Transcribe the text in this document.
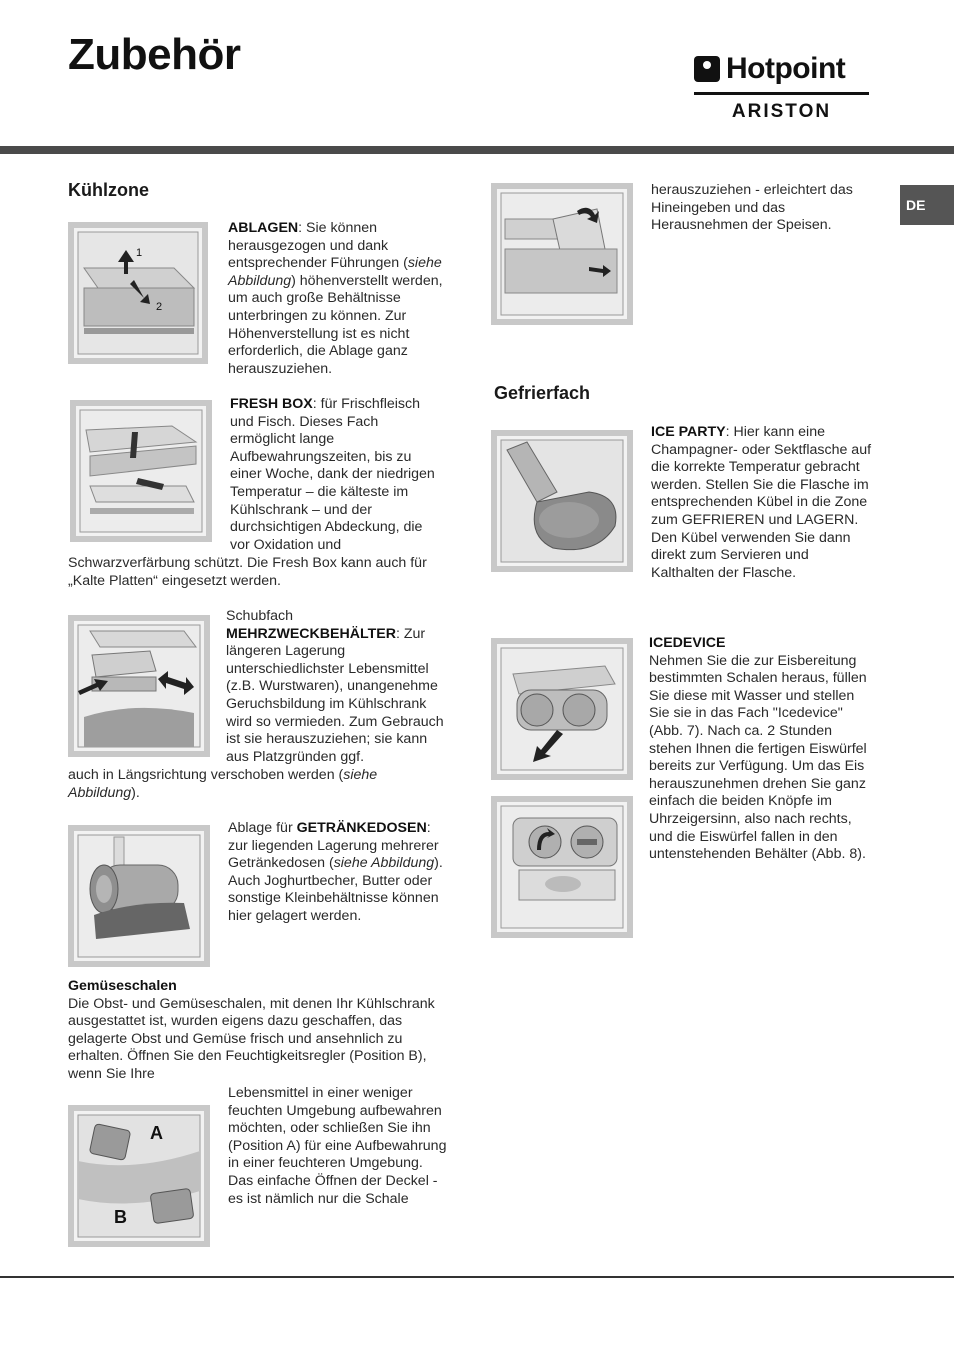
Zubehör	Hotpoint
ARISTON
DE
Kühlzone
1
2

ABLAGEN: Sie können herausgezogen und dank entsprechender Führungen (siehe Abbildung) höhenverstellt werden, um auch große Behältnisse unterbringen zu können. Zur Höhenverstellung ist es nicht erforderlich, die Ablage ganz herauszuziehen.

FRESH BOX: für Frischfleisch und Fisch. Dieses Fach ermöglicht lange Aufbewahrungszeiten, bis zu einer Woche, dank der niedrigen Temperatur – die kälteste im Kühlschrank – und der durchsichtigen Abdeckung, die vor Oxidation und

Schwarzverfärbung schützt. Die Fresh Box kann auch für „Kalte Platten“ eingesetzt werden.

Schubfach
MEHRZWECKBEHÄLTER: Zur längeren Lagerung unterschiedlichster Lebensmittel (z.B. Wurstwaren), unangenehme Geruchsbildung im Kühlschrank wird so vermieden. Zum Gebrauch ist sie herauszuziehen; sie kann aus Platzgründen ggf.

auch in Längsrichtung verschoben werden (siehe Abbildung).

Ablage für GETRÄNKEDOSEN: zur liegenden Lagerung mehrerer Getränkedosen (siehe Abbildung). Auch Joghurtbecher, Butter oder sonstige Kleinbehältnisse können hier gelagert werden.

Gemüseschalen
Die Obst- und Gemüseschalen, mit denen Ihr Kühlschrank ausgestattet ist, wurden eigens dazu geschaffen, das gelagerte Obst und Gemüse frisch und ansehnlich zu erhalten. Öffnen Sie den Feuchtigkeitsregler (Position B), wenn Sie Ihre

A
B

Lebensmittel in einer weniger feuchten Umgebung aufbewahren möchten, oder schließen Sie ihn (Position A) für eine Aufbewahrung in einer feuchteren Umgebung.
Das einfache Öffnen der Deckel - es ist nämlich nur die Schale

herauszuziehen - erleichtert das Hineingeben und das Herausnehmen der Speisen.

Gefrierfach

ICE PARTY: Hier kann eine Champagner- oder Sektflasche auf die korrekte Temperatur gebracht werden. Stellen Sie die Flasche im entsprechenden Kübel in die Zone zum GEFRIEREN und LAGERN. Den Kübel verwenden Sie dann direkt zum Servieren und Kalthalten der Flasche.

ICEDEVICE
Nehmen Sie die zur Eisbereitung bestimmten Schalen heraus, füllen Sie diese mit Wasser und stellen Sie sie in das Fach "Icedevice" (Abb. 7). Nach ca. 2 Stunden stehen Ihnen die fertigen Eiswürfel bereits zur Verfügung. Um das Eis herauszunehmen drehen Sie ganz einfach die beiden Knöpfe im Uhrzeigersinn, also nach rechts, und die Eiswürfel fallen in den untenstehenden Behälter (Abb. 8).
